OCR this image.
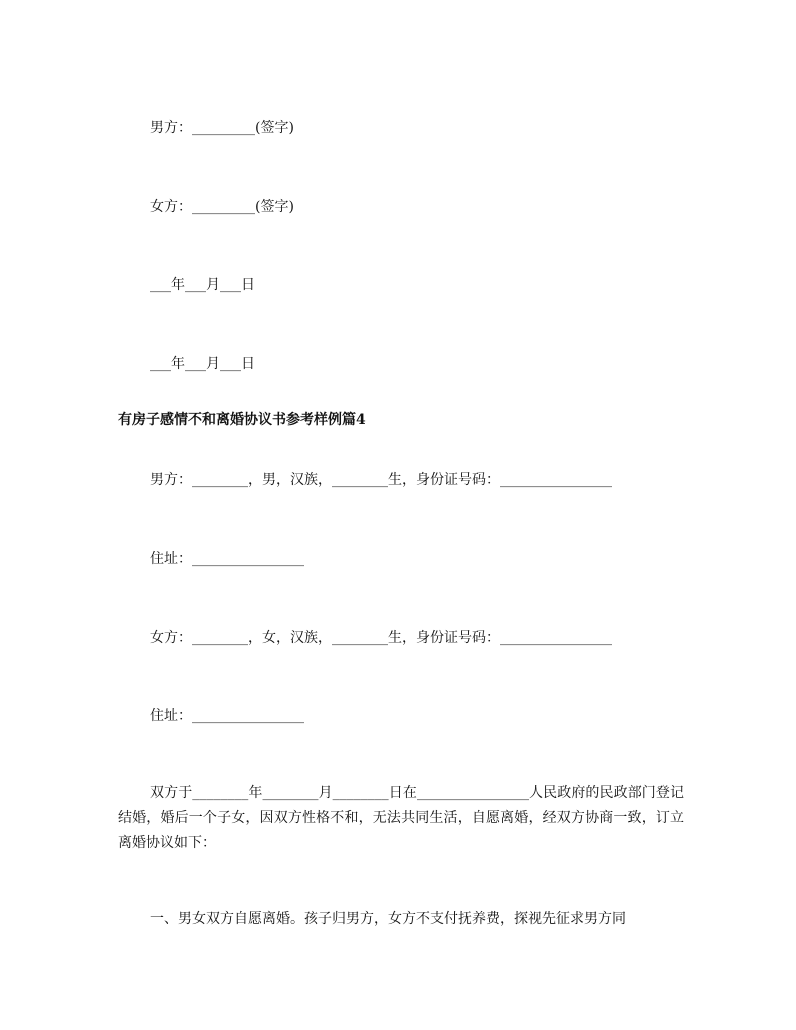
男方：_________(签字)
女方：_________(签字)
___年___月___日
___年___月___日
有房子感情不和离婚协议书参考样例篇4
男方：________，男，汉族，________生，身份证号码：________________
住址：________________
女方：________，女，汉族，________生，身份证号码：________________
住址：________________
双方于________年________月________日在________________人民政府的民政部门登记结婚，婚后一个子女，因双方性格不和，无法共同生活，自愿离婚，经双方协商一致，订立离婚协议如下：
一、男女双方自愿离婚。孩子归男方，女方不支付抚养费，探视先征求男方同
